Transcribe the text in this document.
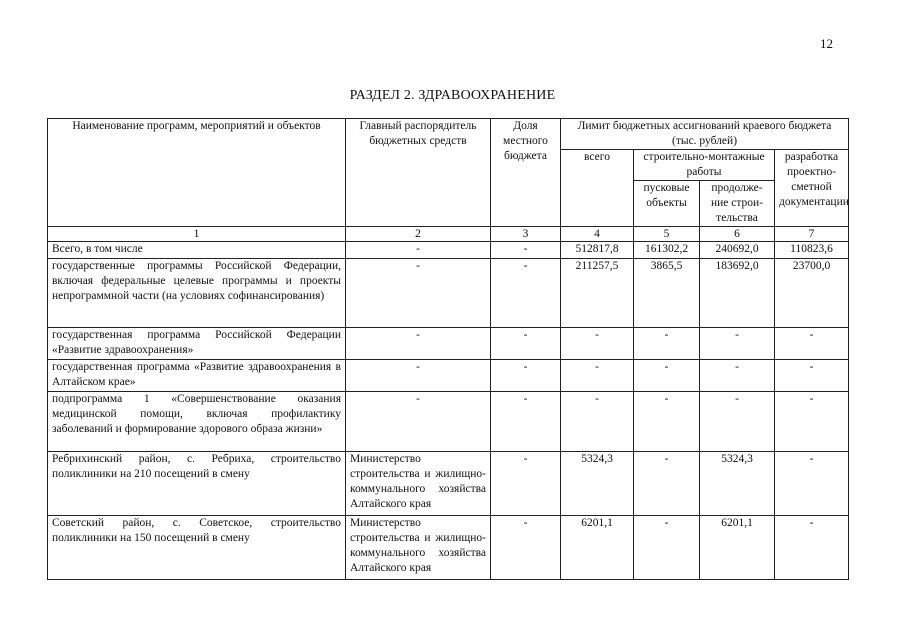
12
РАЗДЕЛ 2. ЗДРАВООХРАНЕНИЕ
Наименование программ, мероприятий и объектов	Главный распорядитель бюджетных средств	Доля местного бюджета	Лимит бюджетных ассигнований краевого бюджета (тыс. рублей)			
			всего	строительно-монтажные работы		разработка проектно-сметной документации
				пусковые объекты	продолже-ние строи-тельства	
1	2	3	4	5	6	7
Всего, в том числе	-	-	512817,8	161302,2	240692,0	110823,6
государственные программы Российской Федерации, включая федеральные целевые программы и проекты непрограммной части (на условиях софинансирования)	-	-	211257,5	3865,5	183692,0	23700,0
государственная программа Российской Федерации «Развитие здравоохранения»	-	-	-	-	-	-
государственная программа «Развитие здравоохранения в Алтайском крае»	-	-	-	-	-	-
подпрограмма 1 «Совершенствование оказания медицинской помощи, включая профилактику заболеваний и формирование здорового образа жизни»	-	-	-	-	-	-
Ребрихинский район, с. Ребриха, строительство поликлиники на 210 посещений в смену	Министерство строительства и жилищно-коммунального хозяйства Алтайского края	-	5324,3	-	5324,3	-
Советский район, с. Советское, строительство поликлиники на 150 посещений в смену	Министерство строительства и жилищно-коммунального хозяйства Алтайского края	-	6201,1	-	6201,1	-
